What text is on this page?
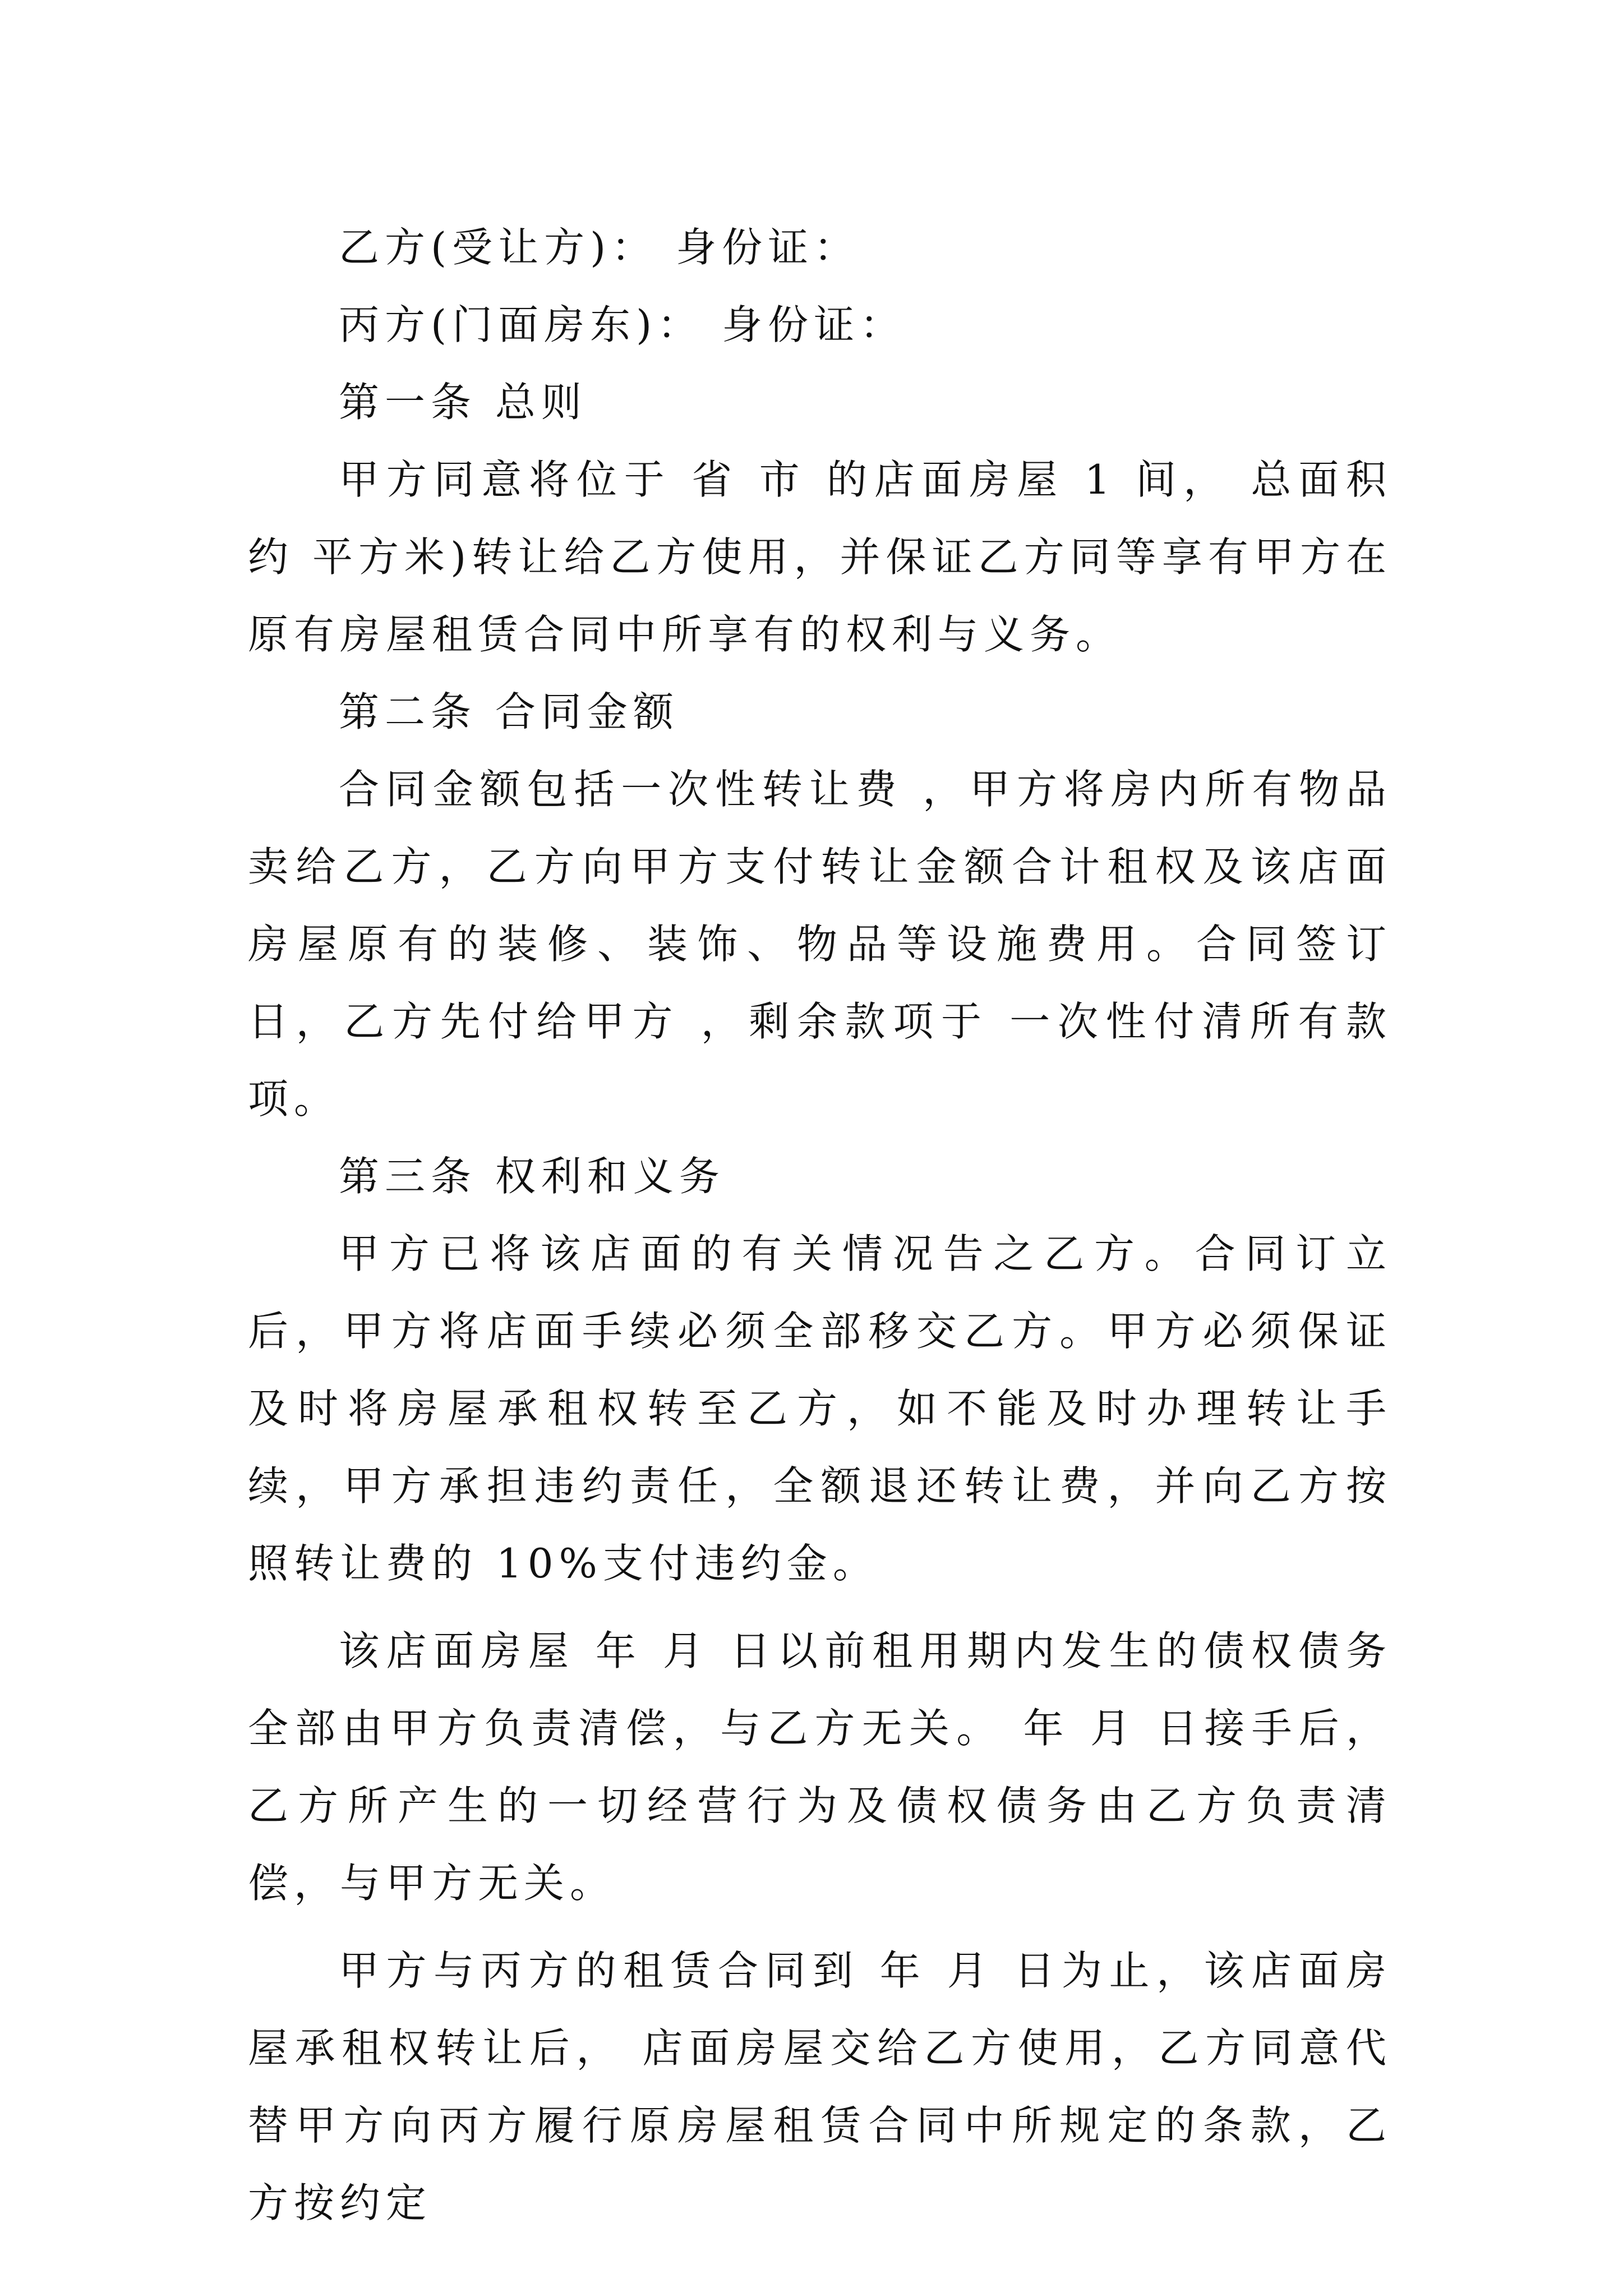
乙方(受让方)： 身份证：

丙方(门面房东)： 身份证：

第一条 总则

甲方同意将位于 省 市 的店面房屋 1 间， 总面积约 平方米)转让给乙方使用，并保证乙方同等享有甲方在原有房屋租赁合同中所享有的权利与义务。

第二条 合同金额

合同金额包括一次性转让费 ，甲方将房内所有物品卖给乙方，乙方向甲方支付转让金额合计租权及该店面房屋原有的装修、装饰、物品等设施费用。合同签订日，乙方先付给甲方 ，剩余款项于 一次性付清所有款项。

第三条 权利和义务

甲方已将该店面的有关情况告之乙方。合同订立后，甲方将店面手续必须全部移交乙方。甲方必须保证及时将房屋承租权转至乙方，如不能及时办理转让手续，甲方承担违约责任，全额退还转让费，并向乙方按照转让费的 10%支付违约金。

该店面房屋 年 月 日以前租用期内发生的债权债务全部由甲方负责清偿，与乙方无关。 年 月 日接手后，乙方所产生的一切经营行为及债权债务由乙方负责清偿，与甲方无关。

甲方与丙方的租赁合同到 年 月 日为止，该店面房屋承租权转让后， 店面房屋交给乙方使用，乙方同意代替甲方向丙方履行原房屋租赁合同中所规定的条款，乙方按约定
